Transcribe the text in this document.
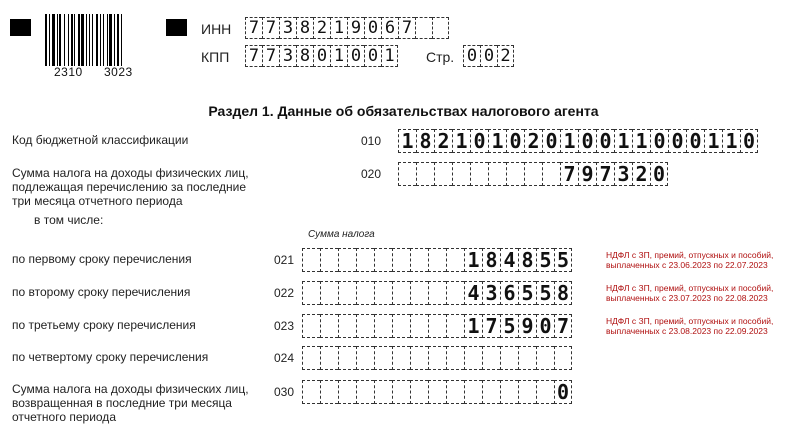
2310 3023
ИНН 7 7 3 8 2 1 9 0 6 7
КПП 7 7 3 8 0 1 0 0 1 Стр. 0 0 2
Раздел 1. Данные об обязательствах налогового агента
Сумма налога
Код бюджетной классификации	010 1 8 2 1 0 1 0 2 0 1 0 0 1 1 0 0 0 1 1 0
Сумма налога на доходы физических лиц,
подлежащая перечислению за последние
три месяца отчетного периода
020	7 9 7 3 2 0
в том числе:
по первому сроку перечисления	021	1 8 4 8 5 5	НДФЛ с ЗП, премий, отпускных и пособий,
выплаченных с 23.06.2023 по 22.07.2023
по второму сроку перечисления	022	4 3 6 5 5 8	НДФЛ с ЗП, премий, отпускных и пособий,
выплаченных с 23.07.2023 по 22.08.2023
по третьему сроку перечисления	023	1 7 5 9 0 7	НДФЛ с ЗП, премий, отпускных и пособий,
выплаченных с 23.08.2023 по 22.09.2023
по четвертому сроку перечисления	024
Сумма налога на доходы физических лиц,
возвращенная в последние три месяца
отчетного периода
030	0
